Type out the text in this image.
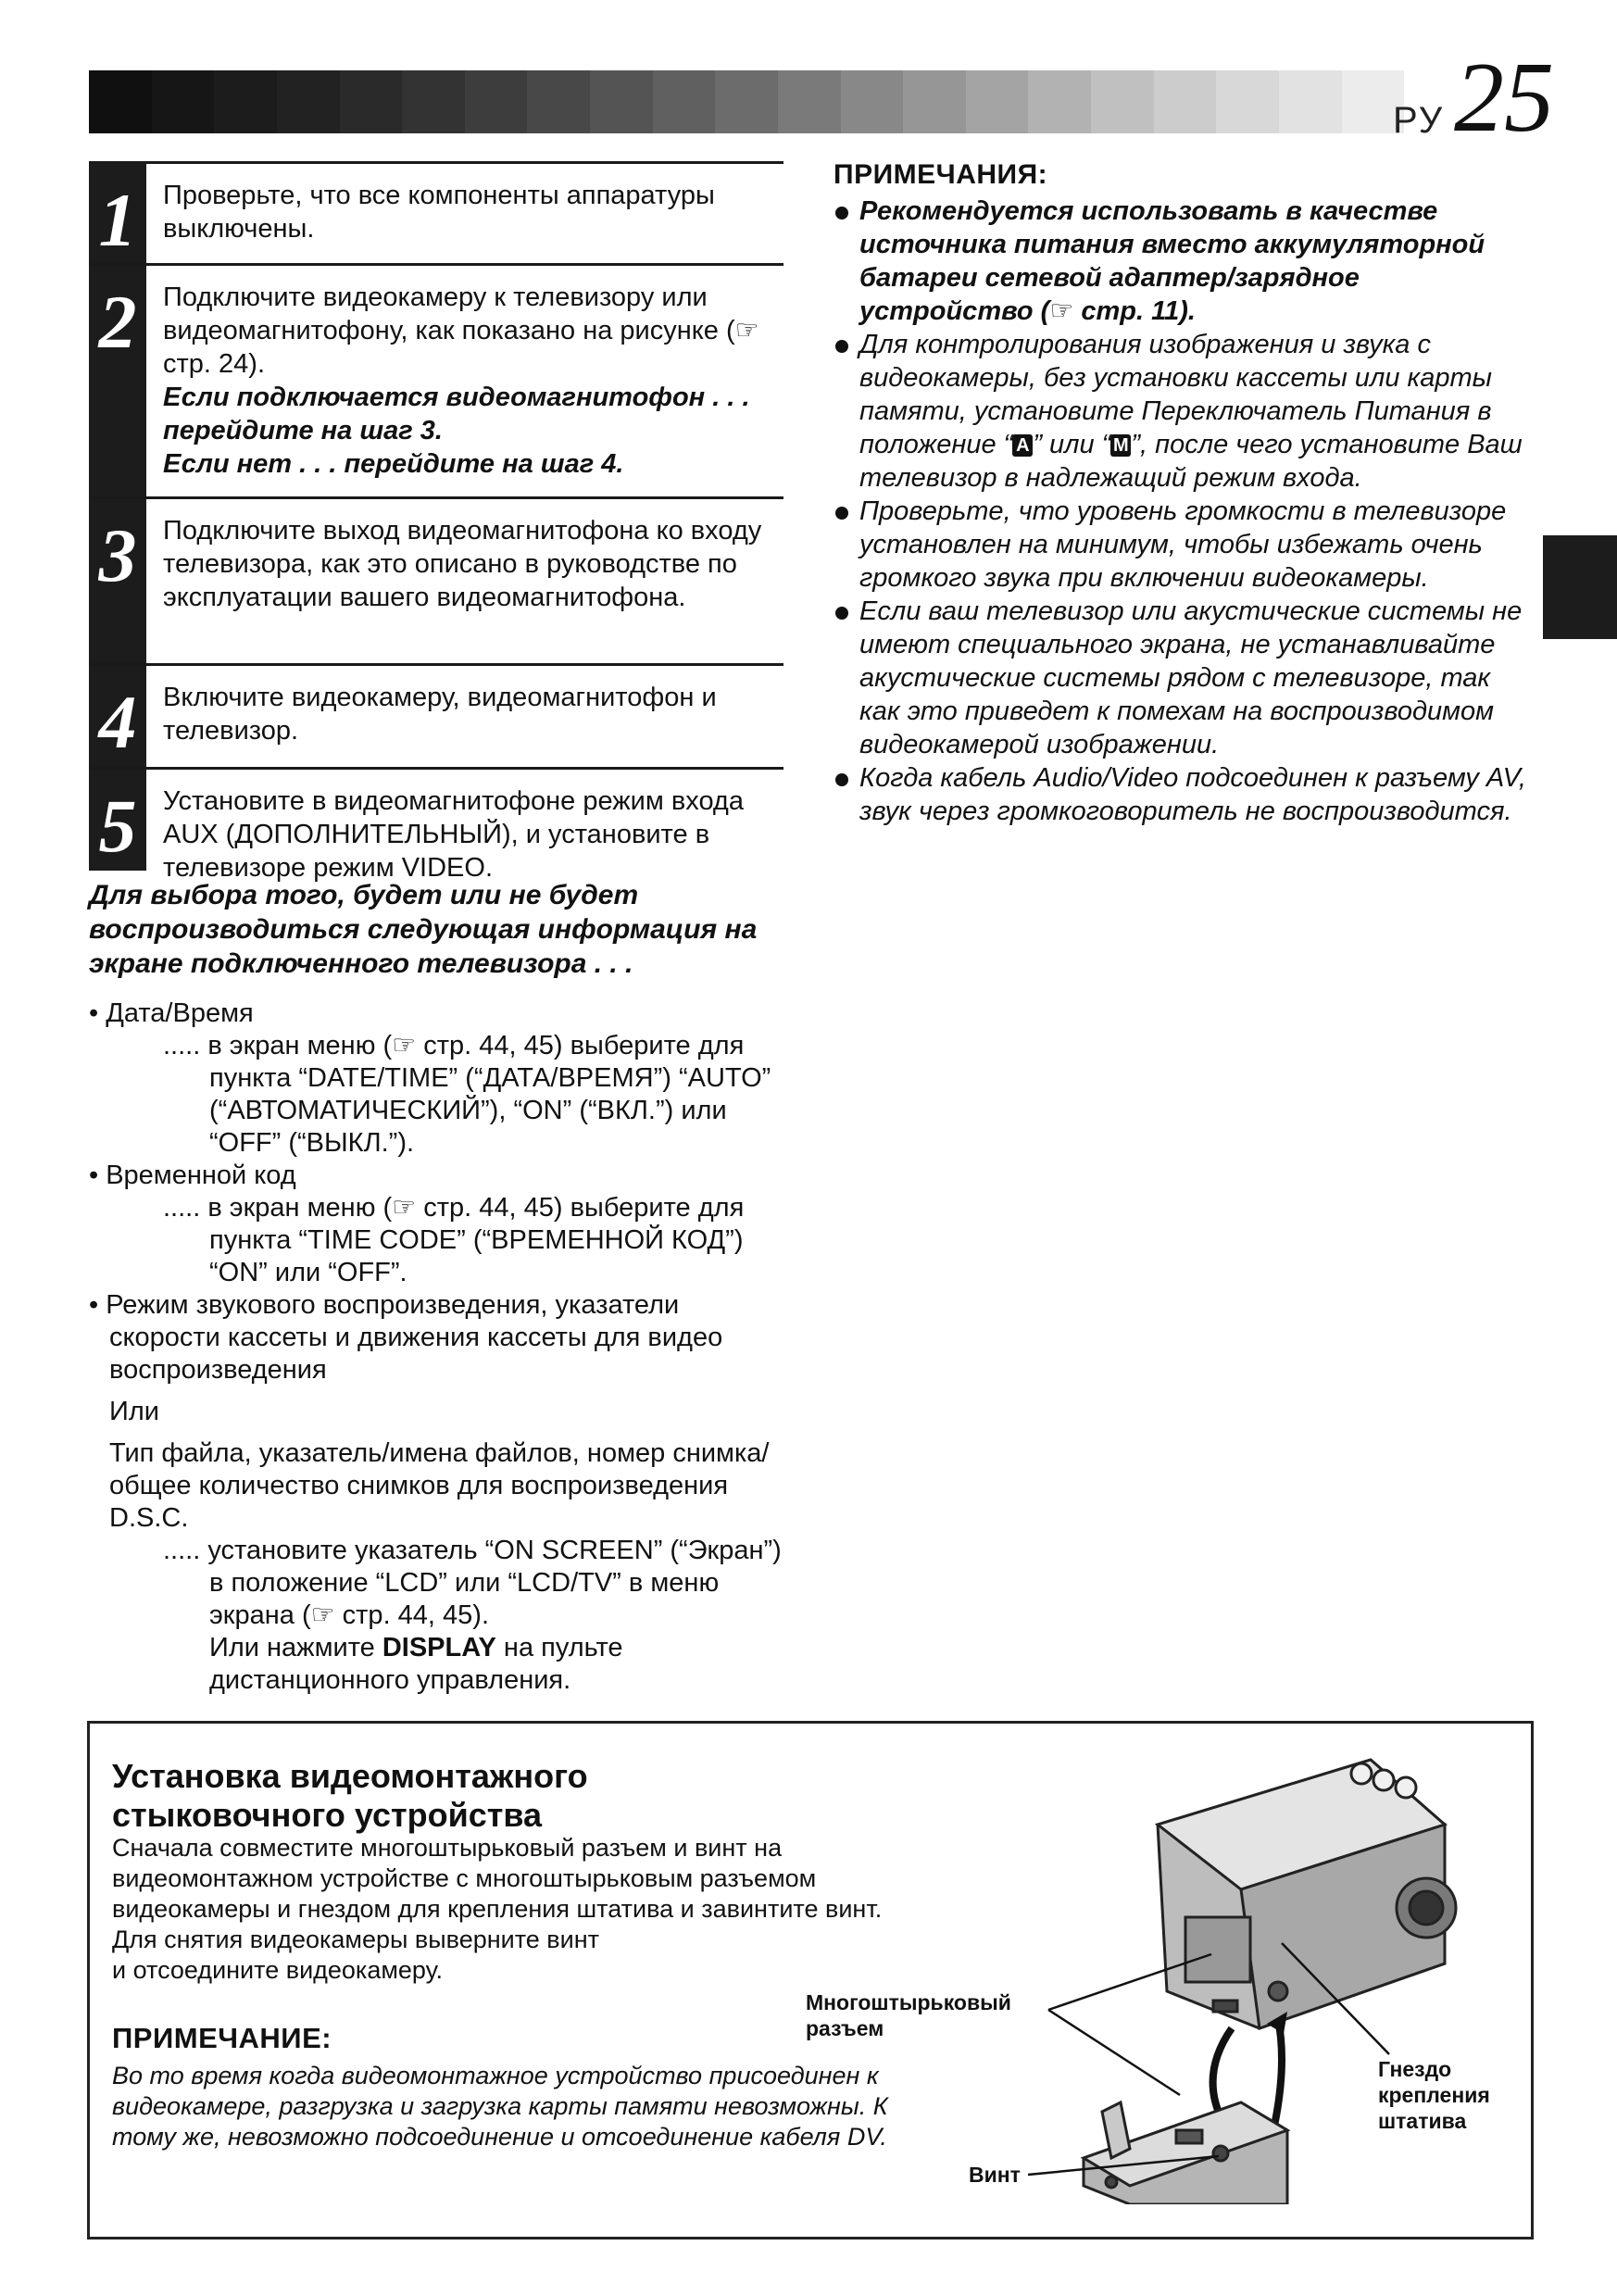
РУ 25
1 Проверьте, что все компоненты аппаратуры выключены.
2 Подключите видеокамеру к телевизору или видеомагнитофону, как показано на рисунке (☞ стр. 24).
Если подключается видеомагнитофон . . . перейдите на шаг 3.
Если нет . . . перейдите на шаг 4.
3 Подключите выход видеомагнитофона ко входу телевизора, как это описано в руководстве по эксплуатации вашего видеомагнитофона.
4 Включите видеокамеру, видеомагнитофон и телевизор.
5 Установите в видеомагнитофоне режим входа AUX (ДОПОЛНИТЕЛЬНЫЙ), и установите в телевизоре режим VIDEO.
Для выбора того, будет или не будет воспроизводиться следующая информация на экране подключенного телевизора . . .
• Дата/Время
..... в экран меню (☞ стр. 44, 45) выберите для пункта “DATE/TIME” (“ДАТА/ВРЕМЯ”) “AUTO” (“АВТОМАТИЧЕСКИЙ”), “ON” (“ВКЛ.”) или “OFF” (“ВЫКЛ.”).
• Временной код
..... в экран меню (☞ стр. 44, 45) выберите для пункта “TIME CODE” (“ВРЕМЕННОЙ КОД”) “ON” или “OFF”.
• Режим звукового воспроизведения, указатели скорости кассеты и движения кассеты для видео воспроизведения
Или
Тип файла, указатель/имена файлов, номер снимка/общее количество снимков для воспроизведения D.S.C.
..... установите указатель “ON SCREEN” (“Экран”) в положение “LCD” или “LCD/TV” в меню экрана (☞ стр. 44, 45).
Или нажмите DISPLAY на пульте дистанционного управления.
ПРИМЕЧАНИЯ:
Рекомендуется использовать в качестве источника питания вместо аккумуляторной батареи сетевой адаптер/зарядное устройство (☞ стр. 11).
Для контролирования изображения и звука с видеокамеры, без установки кассеты или карты памяти, установите Переключатель Питания в положение “ A ” или “ M”, после чего установите Ваш телевизор в надлежащий режим входа.
Проверьте, что уровень громкости в телевизоре установлен на минимум, чтобы избежать очень громкого звука при включении видеокамеры.
Если ваш телевизор или акустические системы не имеют специального экрана, не устанавливайте акустические системы рядом с телевизоре, так как это приведет к помехам на воспроизводимом видеокамерой изображении.
Когда кабель Audio/Video подсоединен к разъему AV, звук через громкоговоритель не воспроизводится.
Установка видеомонтажного
стыковочного устройства
Сначала совместите многоштырьковый разъем и винт на видеомонтажном устройстве с многоштырьковым разъемом видеокамеры и гнездом для крепления штатива и завинтите винт.
Для снятия видеокамеры выверните винт и отсоедините видеокамеру.
ПРИМЕЧАНИЕ:
Во то время когда видеомонтажное устройство присоединен к видеокамере, разгрузка и загрузка карты памяти невозможны. К тому же, невозможно подсоединение и отсоединение кабеля DV.
Многоштырьковый
разъем
Гнездо
крепления
штатива
Винт
